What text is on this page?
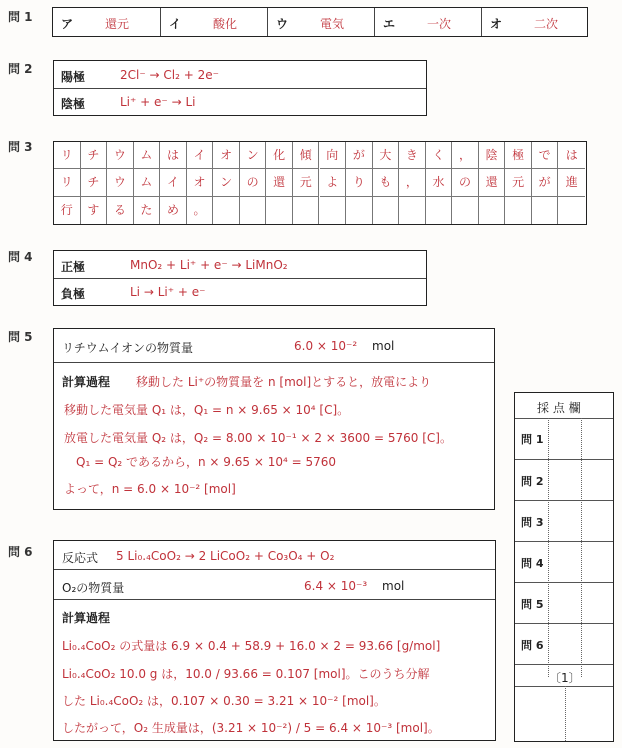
問 1
問 2
問 3
問 4
問 5
問 6
ア	還元	イ	酸化	ウ	電気	エ	一次	オ	二次
陽極	2Cl⁻ → Cl₂ + 2e⁻
陰極	Li⁺ + e⁻ → Li
リ	チ	ウ	ム	は	イ	オ	ン	化	傾	向	が	大	き	く	，	陰	極	で	は
リ	チ	ウ	ム	イ	オ	ン	の	還	元	よ	り	も	，	水	の	還	元	が	進
行	す	る	た	め	。
正極	MnO₂ + Li⁺ + e⁻ → LiMnO₂
負極	Li → Li⁺ + e⁻
リチウムイオンの物質量	6.0 × 10⁻² mol
計算過程 移動した Li⁺の物質量を n [mol]とすると，放電により
移動した電気量 Q₁ は，Q₁ = n × 9.65 × 10⁴ [C]。
放電した電気量 Q₂ は，Q₂ = 8.00 × 10⁻¹ × 2 × 3600 = 5760 [C]。
Q₁ = Q₂ であるから，n × 9.65 × 10⁴ = 5760
よって，n = 6.0 × 10⁻² [mol]
反応式 5 Li₀.₄CoO₂ → 2 LiCoO₂ + Co₃O₄ + O₂
O₂の物質量	6.4 × 10⁻³ mol
計算過程
Li₀.₄CoO₂ の式量は 6.9 × 0.4 + 58.9 + 16.0 × 2 = 93.66 [g/mol]
Li₀.₄CoO₂ 10.0 g は，10.0 / 93.66 = 0.107 [mol]。このうち分解
した Li₀.₄CoO₂ は，0.107 × 0.30 = 3.21 × 10⁻² [mol]。
したがって，O₂ 生成量は，(3.21 × 10⁻²) / 5 = 6.4 × 10⁻³ [mol]。
採 点 欄
問 1
問 2
問 3
問 4
問 5
問 6
〔1〕
